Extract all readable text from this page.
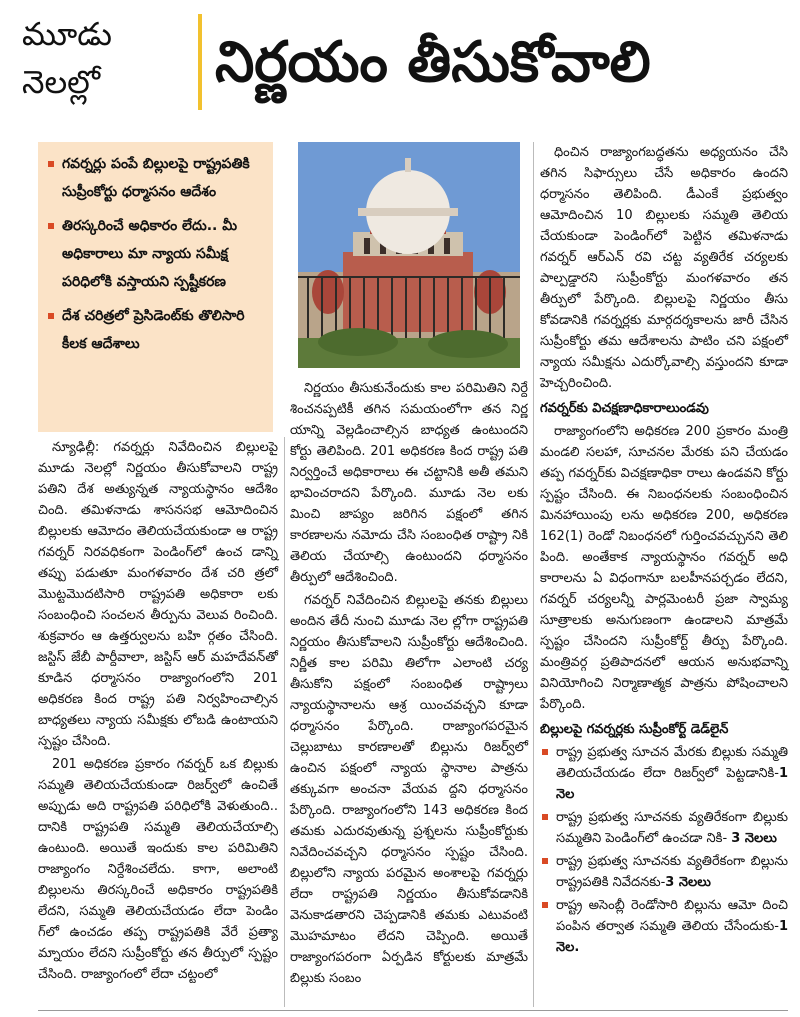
మూడు
నెలల్లో	నిర్ణయం తీసుకోవాలి
గవర్నర్లు పంపే బిల్లులపై రాష్ట్రపతికి సుప్రీంకోర్టు ధర్మాసనం ఆదేశం
తిరస్కరించే అధికారం లేదు.. మీ అధికారాలు మా న్యాయ సమీక్ష పరిధిలోకి వస్తాయని స్పష్టీకరణ
దేశ చరిత్రలో ప్రెసిడెంట్‌కు తొలిసారి కీలక ఆదేశాలు

న్యూఢిల్లీ: గవర్నర్లు నివేదించిన బిల్లులపై మూడు నెలల్లో నిర్ణయం తీసుకోవాలని రాష్ట్ర పతిని దేశ అత్యున్నత న్యాయస్థానం ఆదేశిం చింది. తమిళనాడు శాసనసభ ఆమోదించిన బిల్లులకు ఆమోదం తెలియచేయకుండా ఆ రాష్ట్ర గవర్నర్ నిరవధికంగా పెండింగ్‌లో ఉంచ డాన్ని తప్పు పడుతూ మంగళవారం దేశ చరి త్రలో మొట్టమొదటిసారి రాష్ట్రపతి అధికారా లకు సంబంధించి సంచలన తీర్పును వెలువ రించింది. శుక్రవారం ఆ ఉత్తర్వులను బహి ర్గతం చేసింది. జస్టిస్ జేబీ పార్దీవాలా, జస్టిస్ ఆర్ మహదేవన్‌తో కూడిన ధర్మాసనం రాజ్యాంగంలోని 201 అధికరణ కింద రాష్ట్ర పతి నిర్వహించాల్సిన బాధ్యతలు న్యాయ సమీక్షకు లోబడి ఉంటాయని స్పష్టం చేసింది.

201 అధికరణ ప్రకారం గవర్నర్ ఒక బిల్లుకు సమ్మతి తెలియచేయకుండా రిజర్వ్‌లో ఉంచితే అప్పుడు అది రాష్ట్రపతి పరిధిలోకి వెళుతుంది.. దానికి రాష్ట్రపతి సమ్మతి తెలియచేయాల్సి ఉంటుంది. అయితే ఇందుకు కాల పరిమితిని రాజ్యాంగం నిర్దేశించలేదు. కాగా, అలాంటి బిల్లులను తిరస్కరించే అధికారం రాష్ట్రపతికి లేదని, సమ్మతి తెలియచేయడం లేదా పెండిం గ్‌లో ఉంచడం తప్ప రాష్ట్రపతికి వేరే ప్రత్యా మ్నాయం లేదని సుప్రీంకోర్టు తన తీర్పులో స్పష్టం చేసింది. రాజ్యాంగంలో లేదా చట్టంలో

నిర్ణయం తీసుకునేందుకు కాల పరిమితిని నిర్దే శించనప్పటికీ తగిన సమయంలోగా తన నిర్ణ యాన్ని వెల్లడించాల్సిన బాధ్యత ఉంటుందని కోర్టు తెలిపింది. 201 అధికరణ కింద రాష్ట్ర పతి నిర్వర్తించే అధికారాలు ఈ చట్టానికి అతీ తమని భావించరాదని పేర్కొంది. మూడు నెల లకు మించి జాప్యం జరిగిన పక్షంలో తగిన కారణాలను నమోదు చేసి సంబంధిత రాష్ట్రా నికి తెలియ చేయాల్సి ఉంటుందని ధర్మాసనం తీర్పులో ఆదేశించింది.

గవర్నర్ నివేదించిన బిల్లులపై తనకు బిల్లులు అందిన తేదీ నుంచి మూడు నెల ల్లోగా రాష్ట్రపతి నిర్ణయం తీసుకోవాలని సుప్రీంకోర్టు ఆదేశించింది. నిర్ణీత కాల పరిమి తిలోగా ఎలాంటి చర్య తీసుకోని పక్షంలో సంబంధిత రాష్ట్రాలు న్యాయస్థానాలను ఆశ్ర యించవచ్చని కూడా ధర్మాసనం పేర్కొంది. రాజ్యాంగపరమైన చెల్లుబాటు కారణాలతో బిల్లును రిజర్వ్‌లో ఉంచిన పక్షంలో న్యాయ స్థానాల పాత్రను తక్కువగా అంచనా వేయవ ద్దని ధర్మాసనం పేర్కొంది. రాజ్యాంగంలోని 143 అధికరణ కింద తమకు ఎదురవుతున్న ప్రశ్నలను సుప్రీంకోర్టుకు నివేదించవచ్చని ధర్మాసనం స్పష్టం చేసింది. బిల్లులోని న్యాయ పరమైన అంశాలపై గవర్నర్లు లేదా రాష్ట్రపతి నిర్ణయం తీసుకోవడానికి వెనుకాడతారని చెప్పడానికి తమకు ఎటువంటి మొహమాటం లేదని చెప్పింది. అయితే రాజ్యాంగపరంగా ఏర్పడిన కోర్టులకు మాత్రమే బిల్లుకు సంబం

ధించిన రాజ్యాంగబద్ధతను అధ్యయనం చేసి తగిన సిఫార్సులు చేసే అధికారం ఉందని ధర్మాసనం తెలిపింది. డీఎంకే ప్రభుత్వం ఆమోదించిన 10 బిల్లులకు సమ్మతి తెలియ చేయకుండా పెండింగ్‌లో పెట్టిన తమిళనాడు గవర్నర్ ఆర్ఎన్ రవి చట్ట వ్యతిరేక చర్యలకు పాల్పడ్డారని సుప్రీంకోర్టు మంగళవారం తన తీర్పులో పేర్కొంది. బిల్లులపై నిర్ణయం తీసు కోవడానికి గవర్నర్లకు మార్గదర్శకాలను జారీ చేసిన సుప్రీంకోర్టు తమ ఆదేశాలను పాటిం చని పక్షంలో న్యాయ సమీక్షను ఎదుర్కోవాల్సి వస్తుందని కూడా హెచ్చరించింది.

గవర్నర్‌కు విచక్షణాధికారాలుండవు

రాజ్యాంగంలోని అధికరణ 200 ప్రకారం మంత్రి మండలి సలహా, సూచనల మేరకు పని చేయడం తప్ప గవర్నర్‌కు విచక్షణాధికా రాలు ఉండవని కోర్టు స్పష్టం చేసింది. ఈ నిబంధనలకు సంబంధించిన మినహాయింపు లను అధికరణ 200, అధికరణ 162(1) రెండో నిబంధనలో గుర్తించవచ్చునని తెలి పింది. అంతేకాక న్యాయస్థానం గవర్నర్ అధి కారాలను ఏ విధంగానూ బలహీనపర్చడం లేదని, గవర్నర్ చర్యలన్నీ పార్లమెంటరీ ప్రజా స్వామ్య సూత్రాలకు అనుగుణంగా ఉండాలని మాత్రమే స్పష్టం చేసిందని సుప్రీంకోర్ట్ తీర్పు పేర్కొంది. మంత్రివర్గ ప్రతిపాదనలో ఆయన అనుభవాన్ని వినియోగించి నిర్మాణాత్మక పాత్రను పోషించాలని పేర్కొంది.

బిల్లులపై గవర్నర్లకు సుప్రీంకోర్ట్ డెడ్‌లైన్
రాష్ట్ర ప్రభుత్వ సూచన మేరకు బిల్లుకు సమ్మతి తెలియచేయడం లేదా రిజర్వ్‌లో పెట్టడానికి-1 నెల
రాష్ట్ర ప్రభుత్వ సూచనకు వ్యతిరేకంగా బిల్లుకు సమ్మతిని పెండింగ్‌లో ఉంచడా నికి- 3 నెలలు
రాష్ట్ర ప్రభుత్వ సూచనకు వ్యతిరేకంగా బిల్లును రాష్ట్రపతికి నివేదనకు-3 నెలలు
రాష్ట్ర అసెంబ్లీ రెండోసారి బిల్లును ఆమో దించి పంపిన తర్వాత సమ్మతి తెలియ చేసేందుకు-1 నెల.
